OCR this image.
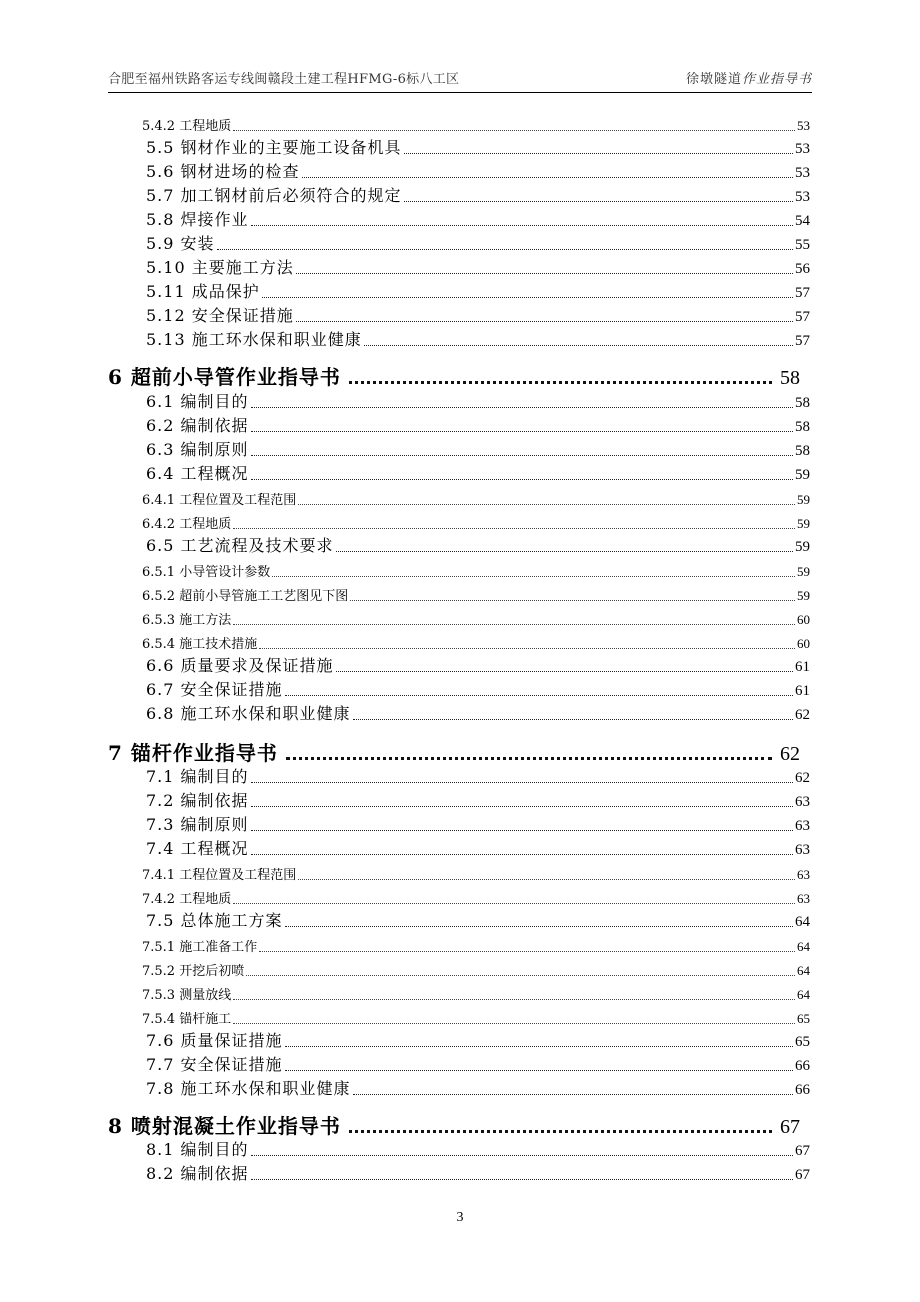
合肥至福州铁路客运专线闽赣段土建工程HFMG-6标八工区	徐墩隧道作业指导书
5.4.2 工程地质	53
5.5 钢材作业的主要施工设备机具	53
5.6 钢材进场的检查	53
5.7 加工钢材前后必须符合的规定	53
5.8 焊接作业	54
5.9 安装	55
5.10 主要施工方法	56
5.11 成品保护	57
5.12 安全保证措施	57
5.13 施工环水保和职业健康	57
6 超前小导管作业指导书	58
6.1 编制目的	58
6.2 编制依据	58
6.3 编制原则	58
6.4 工程概况	59
6.4.1 工程位置及工程范围	59
6.4.2 工程地质	59
6.5 工艺流程及技术要求	59
6.5.1 小导管设计参数	59
6.5.2 超前小导管施工工艺图见下图	59
6.5.3 施工方法	60
6.5.4 施工技术措施	60
6.6 质量要求及保证措施	61
6.7 安全保证措施	61
6.8 施工环水保和职业健康	62
7 锚杆作业指导书	62
7.1 编制目的	62
7.2 编制依据	63
7.3 编制原则	63
7.4 工程概况	63
7.4.1 工程位置及工程范围	63
7.4.2 工程地质	63
7.5 总体施工方案	64
7.5.1 施工准备工作	64
7.5.2 开挖后初喷	64
7.5.3 测量放线	64
7.5.4 锚杆施工	65
7.6 质量保证措施	65
7.7 安全保证措施	66
7.8 施工环水保和职业健康	66
8 喷射混凝土作业指导书	67
8.1 编制目的	67
8.2 编制依据	67
3
